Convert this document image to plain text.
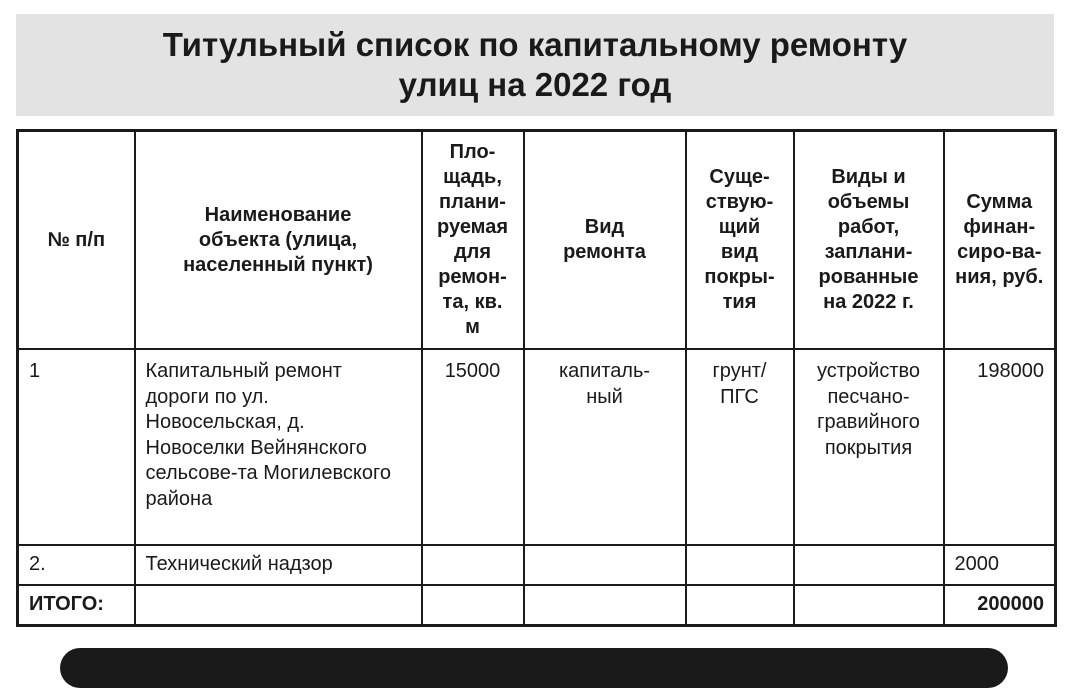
Титульный список по капитальному ремонту улиц на 2022 год
№ п/п	Наименование объекта (улица, населенный пункт)	Пло-щадь, плани-руемая для ремон-та, кв. м	Вид ремонта	Суще-ствую-щий вид покры-тия	Виды и объемы работ, заплани-рованные на 2022 г.	Сумма финан-сиро-ва-ния, руб.

1	Капитальный ремонт дороги по ул. Новосельская, д. Новоселки Вейнянского сельсове-та Могилевского района	15000	капиталь-ный	грунт/ ПГС	устройство песчано-гравийного покрытия	198000

2.	Технический надзор					2000

ИТОГО:						200000
